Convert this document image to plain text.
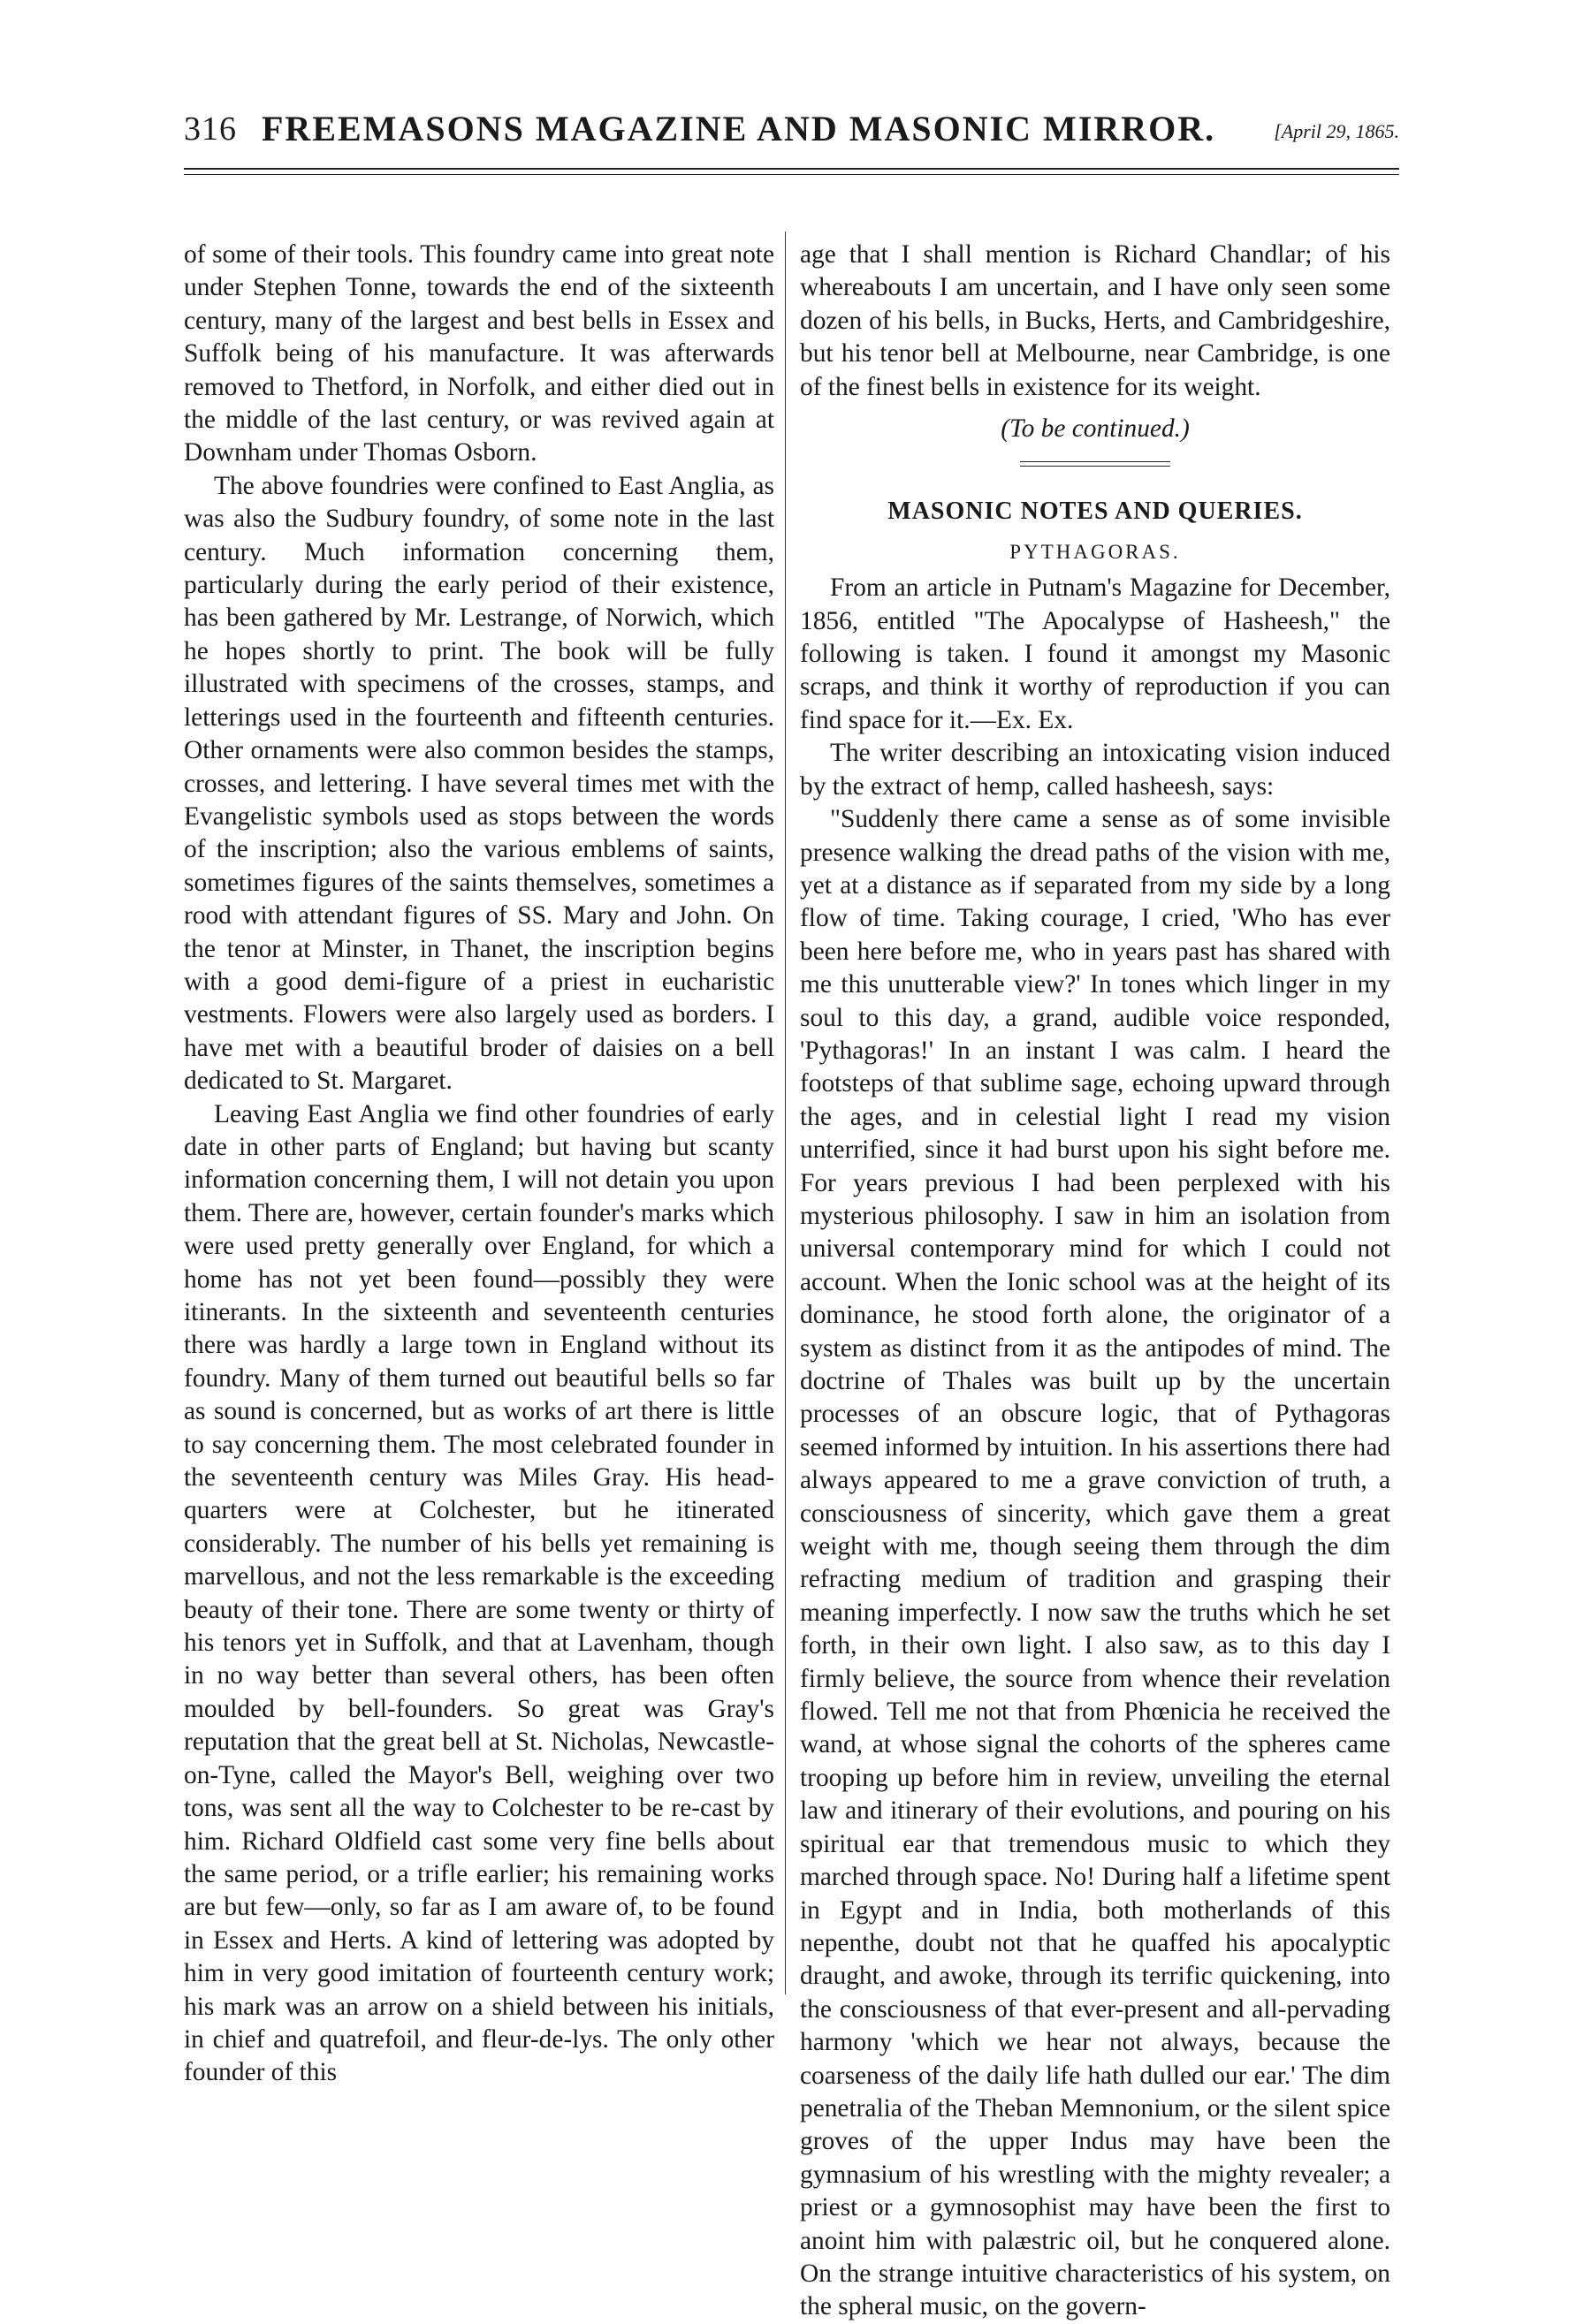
316 FREEMASONS MAGAZINE AND MASONIC MIRROR.	[April 29, 1865.

of some of their tools. This foundry came into great note under Stephen Tonne, towards the end of the sixteenth century, many of the largest and best bells in Essex and Suffolk being of his manufacture. It was afterwards removed to Thetford, in Norfolk, and either died out in the middle of the last century, or was revived again at Downham under Thomas Osborn.

The above foundries were confined to East Anglia, as was also the Sudbury foundry, of some note in the last century. Much information concerning them, particularly during the early period of their existence, has been gathered by Mr. Lestrange, of Norwich, which he hopes shortly to print. The book will be fully illustrated with specimens of the crosses, stamps, and letterings used in the fourteenth and fifteenth centuries. Other ornaments were also common besides the stamps, crosses, and lettering. I have several times met with the Evangelistic symbols used as stops between the words of the inscription; also the various emblems of saints, sometimes figures of the saints themselves, sometimes a rood with attendant figures of SS. Mary and John. On the tenor at Minster, in Thanet, the inscription begins with a good demi-figure of a priest in eucharistic vestments. Flowers were also largely used as borders. I have met with a beautiful broder of daisies on a bell dedicated to St. Margaret.

Leaving East Anglia we find other foundries of early date in other parts of England; but having but scanty information concerning them, I will not detain you upon them. There are, however, certain founder's marks which were used pretty generally over England, for which a home has not yet been found—possibly they were itinerants. In the sixteenth and seventeenth centuries there was hardly a large town in England without its foundry. Many of them turned out beautiful bells so far as sound is concerned, but as works of art there is little to say concerning them. The most celebrated founder in the seventeenth century was Miles Gray. His head-quarters were at Colchester, but he itinerated considerably. The number of his bells yet remaining is marvellous, and not the less remarkable is the exceeding beauty of their tone. There are some twenty or thirty of his tenors yet in Suffolk, and that at Lavenham, though in no way better than several others, has been often moulded by bell-founders. So great was Gray's reputation that the great bell at St. Nicholas, Newcastle-on-Tyne, called the Mayor's Bell, weighing over two tons, was sent all the way to Colchester to be re-cast by him. Richard Oldfield cast some very fine bells about the same period, or a trifle earlier; his remaining works are but few—only, so far as I am aware of, to be found in Essex and Herts. A kind of lettering was adopted by him in very good imitation of fourteenth century work; his mark was an arrow on a shield between his initials, in chief and quatrefoil, and fleur-de-lys. The only other founder of this

age that I shall mention is Richard Chandlar; of his whereabouts I am uncertain, and I have only seen some dozen of his bells, in Bucks, Herts, and Cambridgeshire, but his tenor bell at Melbourne, near Cambridge, is one of the finest bells in existence for its weight.

(To be continued.)
MASONIC NOTES AND QUERIES.
PYTHAGORAS.

From an article in Putnam's Magazine for December, 1856, entitled "The Apocalypse of Hasheesh," the following is taken. I found it amongst my Masonic scraps, and think it worthy of reproduction if you can find space for it.—Ex. Ex.

The writer describing an intoxicating vision induced by the extract of hemp, called hasheesh, says:

"Suddenly there came a sense as of some invisible presence walking the dread paths of the vision with me, yet at a distance as if separated from my side by a long flow of time. Taking courage, I cried, 'Who has ever been here before me, who in years past has shared with me this unutterable view?' In tones which linger in my soul to this day, a grand, audible voice responded, 'Pythagoras!' In an instant I was calm. I heard the footsteps of that sublime sage, echoing upward through the ages, and in celestial light I read my vision unterrified, since it had burst upon his sight before me. For years previous I had been perplexed with his mysterious philosophy. I saw in him an isolation from universal contemporary mind for which I could not account. When the Ionic school was at the height of its dominance, he stood forth alone, the originator of a system as distinct from it as the antipodes of mind. The doctrine of Thales was built up by the uncertain processes of an obscure logic, that of Pythagoras seemed informed by intuition. In his assertions there had always appeared to me a grave conviction of truth, a consciousness of sincerity, which gave them a great weight with me, though seeing them through the dim refracting medium of tradition and grasping their meaning imperfectly. I now saw the truths which he set forth, in their own light. I also saw, as to this day I firmly believe, the source from whence their revelation flowed. Tell me not that from Phœnicia he received the wand, at whose signal the cohorts of the spheres came trooping up before him in review, unveiling the eternal law and itinerary of their evolutions, and pouring on his spiritual ear that tremendous music to which they marched through space. No! During half a lifetime spent in Egypt and in India, both motherlands of this nepenthe, doubt not that he quaffed his apocalyptic draught, and awoke, through its terrific quickening, into the consciousness of that ever-present and all-pervading harmony 'which we hear not always, because the coarseness of the daily life hath dulled our ear.' The dim penetralia of the Theban Memnonium, or the silent spice groves of the upper Indus may have been the gymnasium of his wrestling with the mighty revealer; a priest or a gymnosophist may have been the first to anoint him with palæstric oil, but he conquered alone. On the strange intuitive characteristics of his system, on the spheral music, on the govern-
